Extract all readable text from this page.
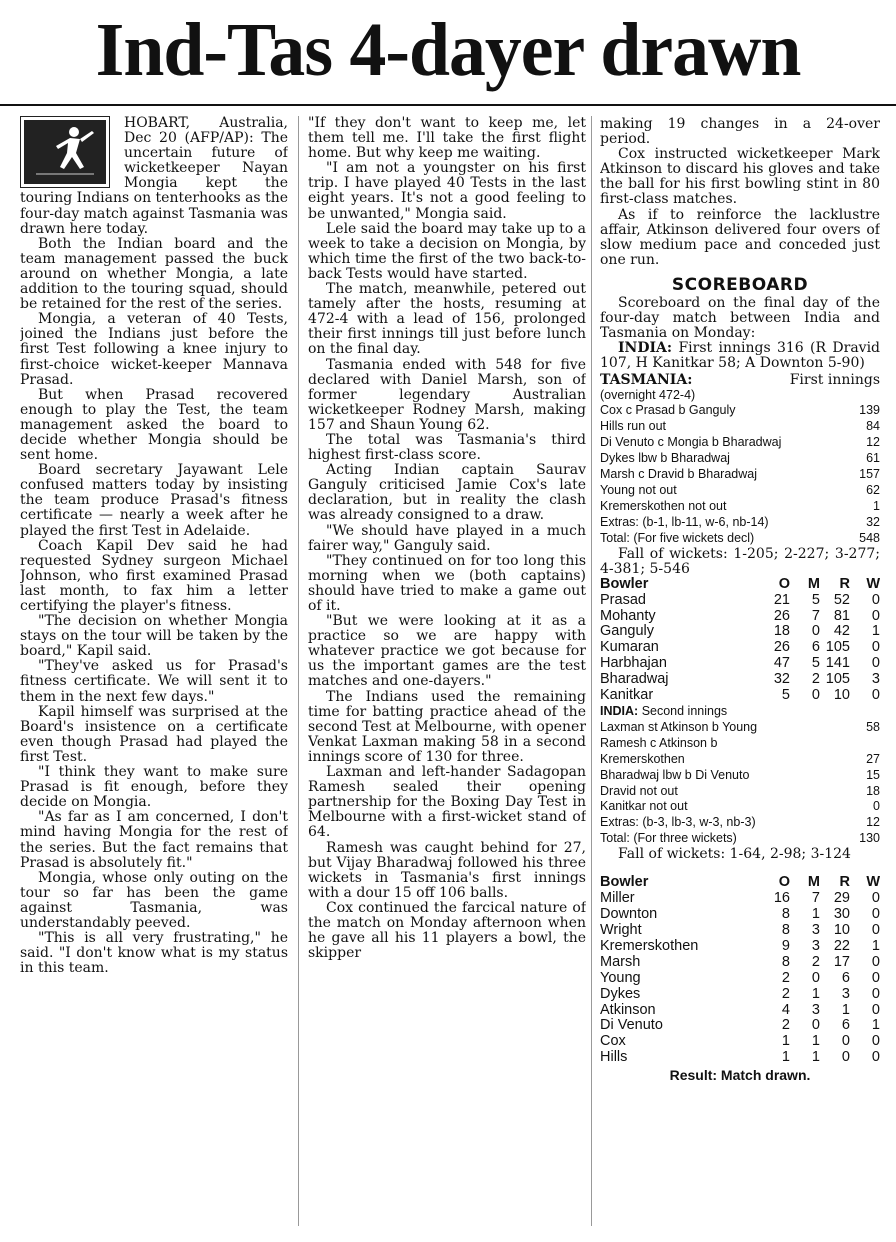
Ind-Tas 4-dayer drawn

HOBART, Australia, Dec 20 (AFP/AP): The uncertain future of wicketkeeper Nayan Mongia kept the touring Indians on tenterhooks as the four-day match against Tasmania was drawn here today.

Both the Indian board and the team management passed the buck around on whether Mongia, a late addition to the touring squad, should be retained for the rest of the series.

Mongia, a veteran of 40 Tests, joined the Indians just before the first Test following a knee injury to first-choice wicket-keeper Mannava Prasad.

But when Prasad recovered enough to play the Test, the team management asked the board to decide whether Mongia should be sent home.

Board secretary Jayawant Lele confused matters today by insisting the team produce Prasad's fitness certificate — nearly a week after he played the first Test in Adelaide.

Coach Kapil Dev said he had requested Sydney surgeon Michael Johnson, who first examined Prasad last month, to fax him a letter certifying the player's fitness.

"The decision on whether Mongia stays on the tour will be taken by the board," Kapil said.

"They've asked us for Prasad's fitness certificate. We will sent it to them in the next few days."

Kapil himself was surprised at the Board's insistence on a certificate even though Prasad had played the first Test.

"I think they want to make sure Prasad is fit enough, before they decide on Mongia.

"As far as I am concerned, I don't mind having Mongia for the rest of the series. But the fact remains that Prasad is absolutely fit."

Mongia, whose only outing on the tour so far has been the game against Tasmania, was understandably peeved.

"This is all very frustrating," he said. "I don't know what is my status in this team.

"If they don't want to keep me, let them tell me. I'll take the first flight home. But why keep me waiting.

"I am not a youngster on his first trip. I have played 40 Tests in the last eight years. It's not a good feeling to be unwanted," Mongia said.

Lele said the board may take up to a week to take a decision on Mongia, by which time the first of the two back-to-back Tests would have started.

The match, meanwhile, petered out tamely after the hosts, resuming at 472-4 with a lead of 156, prolonged their first innings till just before lunch on the final day.

Tasmania ended with 548 for five declared with Daniel Marsh, son of former legendary Australian wicketkeeper Rodney Marsh, making 157 and Shaun Young 62.

The total was Tasmania's third highest first-class score.

Acting Indian captain Saurav Ganguly criticised Jamie Cox's late declaration, but in reality the clash was already consigned to a draw.

"We should have played in a much fairer way," Ganguly said.

"They continued on for too long this morning when we (both captains) should have tried to make a game out of it.

"But we were looking at it as a practice so we are happy with whatever practice we got because for us the important games are the test matches and one-dayers."

The Indians used the remaining time for batting practice ahead of the second Test at Melbourne, with opener Venkat Laxman making 58 in a second innings score of 130 for three.

Laxman and left-hander Sadagopan Ramesh sealed their opening partnership for the Boxing Day Test in Melbourne with a first-wicket stand of 64.

Ramesh was caught behind for 27, but Vijay Bharadwaj followed his three wickets in Tasmania's first innings with a dour 15 off 106 balls.

Cox continued the farcical nature of the match on Monday afternoon when he gave all his 11 players a bowl, the skipper

making 19 changes in a 24-over period.

Cox instructed wicketkeeper Mark Atkinson to discard his gloves and take the ball for his first bowling stint in 80 first-class matches.

As if to reinforce the lacklustre affair, Atkinson delivered four overs of slow medium pace and conceded just one run.

SCOREBOARD

Scoreboard on the final day of the four-day match between India and Tasmania on Monday:

INDIA: First innings 316 (R Dravid 107, H Kanitkar 58; A Downton 5-90)

TASMANIA:	First innings
(overnight 472-4)
Cox c Prasad b Ganguly	139
Hills run out	84
Di Venuto c Mongia b Bharadwaj	12
Dykes lbw b Bharadwaj	61
Marsh c Dravid b Bharadwaj	157
Young not out	62
Kremerskothen not out	1
Extras: (b-1, lb-11, w-6, nb-14)	32
Total: (For five wickets decl)	548

Fall of wickets: 1-205; 2-227; 3-277; 4-381; 5-546

Bowler	O	M	R	W
Prasad	21	5	52	0
Mohanty	26	7	81	0
Ganguly	18	0	42	1
Kumaran	26	6	105	0
Harbhajan	47	5	141	0
Bharadwaj	32	2	105	3
Kanitkar	5	0	10	0
INDIA: Second innings
Laxman st Atkinson b Young	58
Ramesh c Atkinson b
Kremerskothen	27
Bharadwaj lbw b Di Venuto	15
Dravid not out	18
Kanitkar not out	0
Extras: (b-3, lb-3, w-3, nb-3)	12
Total: (For three wickets)	130

Fall of wickets: 1-64, 2-98; 3-124

Bowler	O	M	R	W
Miller	16	7	29	0
Downton	8	1	30	0
Wright	8	3	10	0
Kremerskothen	9	3	22	1
Marsh	8	2	17	0
Young	2	0	6	0
Dykes	2	1	3	0
Atkinson	4	3	1	0
Di Venuto	2	0	6	1
Cox	1	1	0	0
Hills	1	1	0	0
Result: Match drawn.
